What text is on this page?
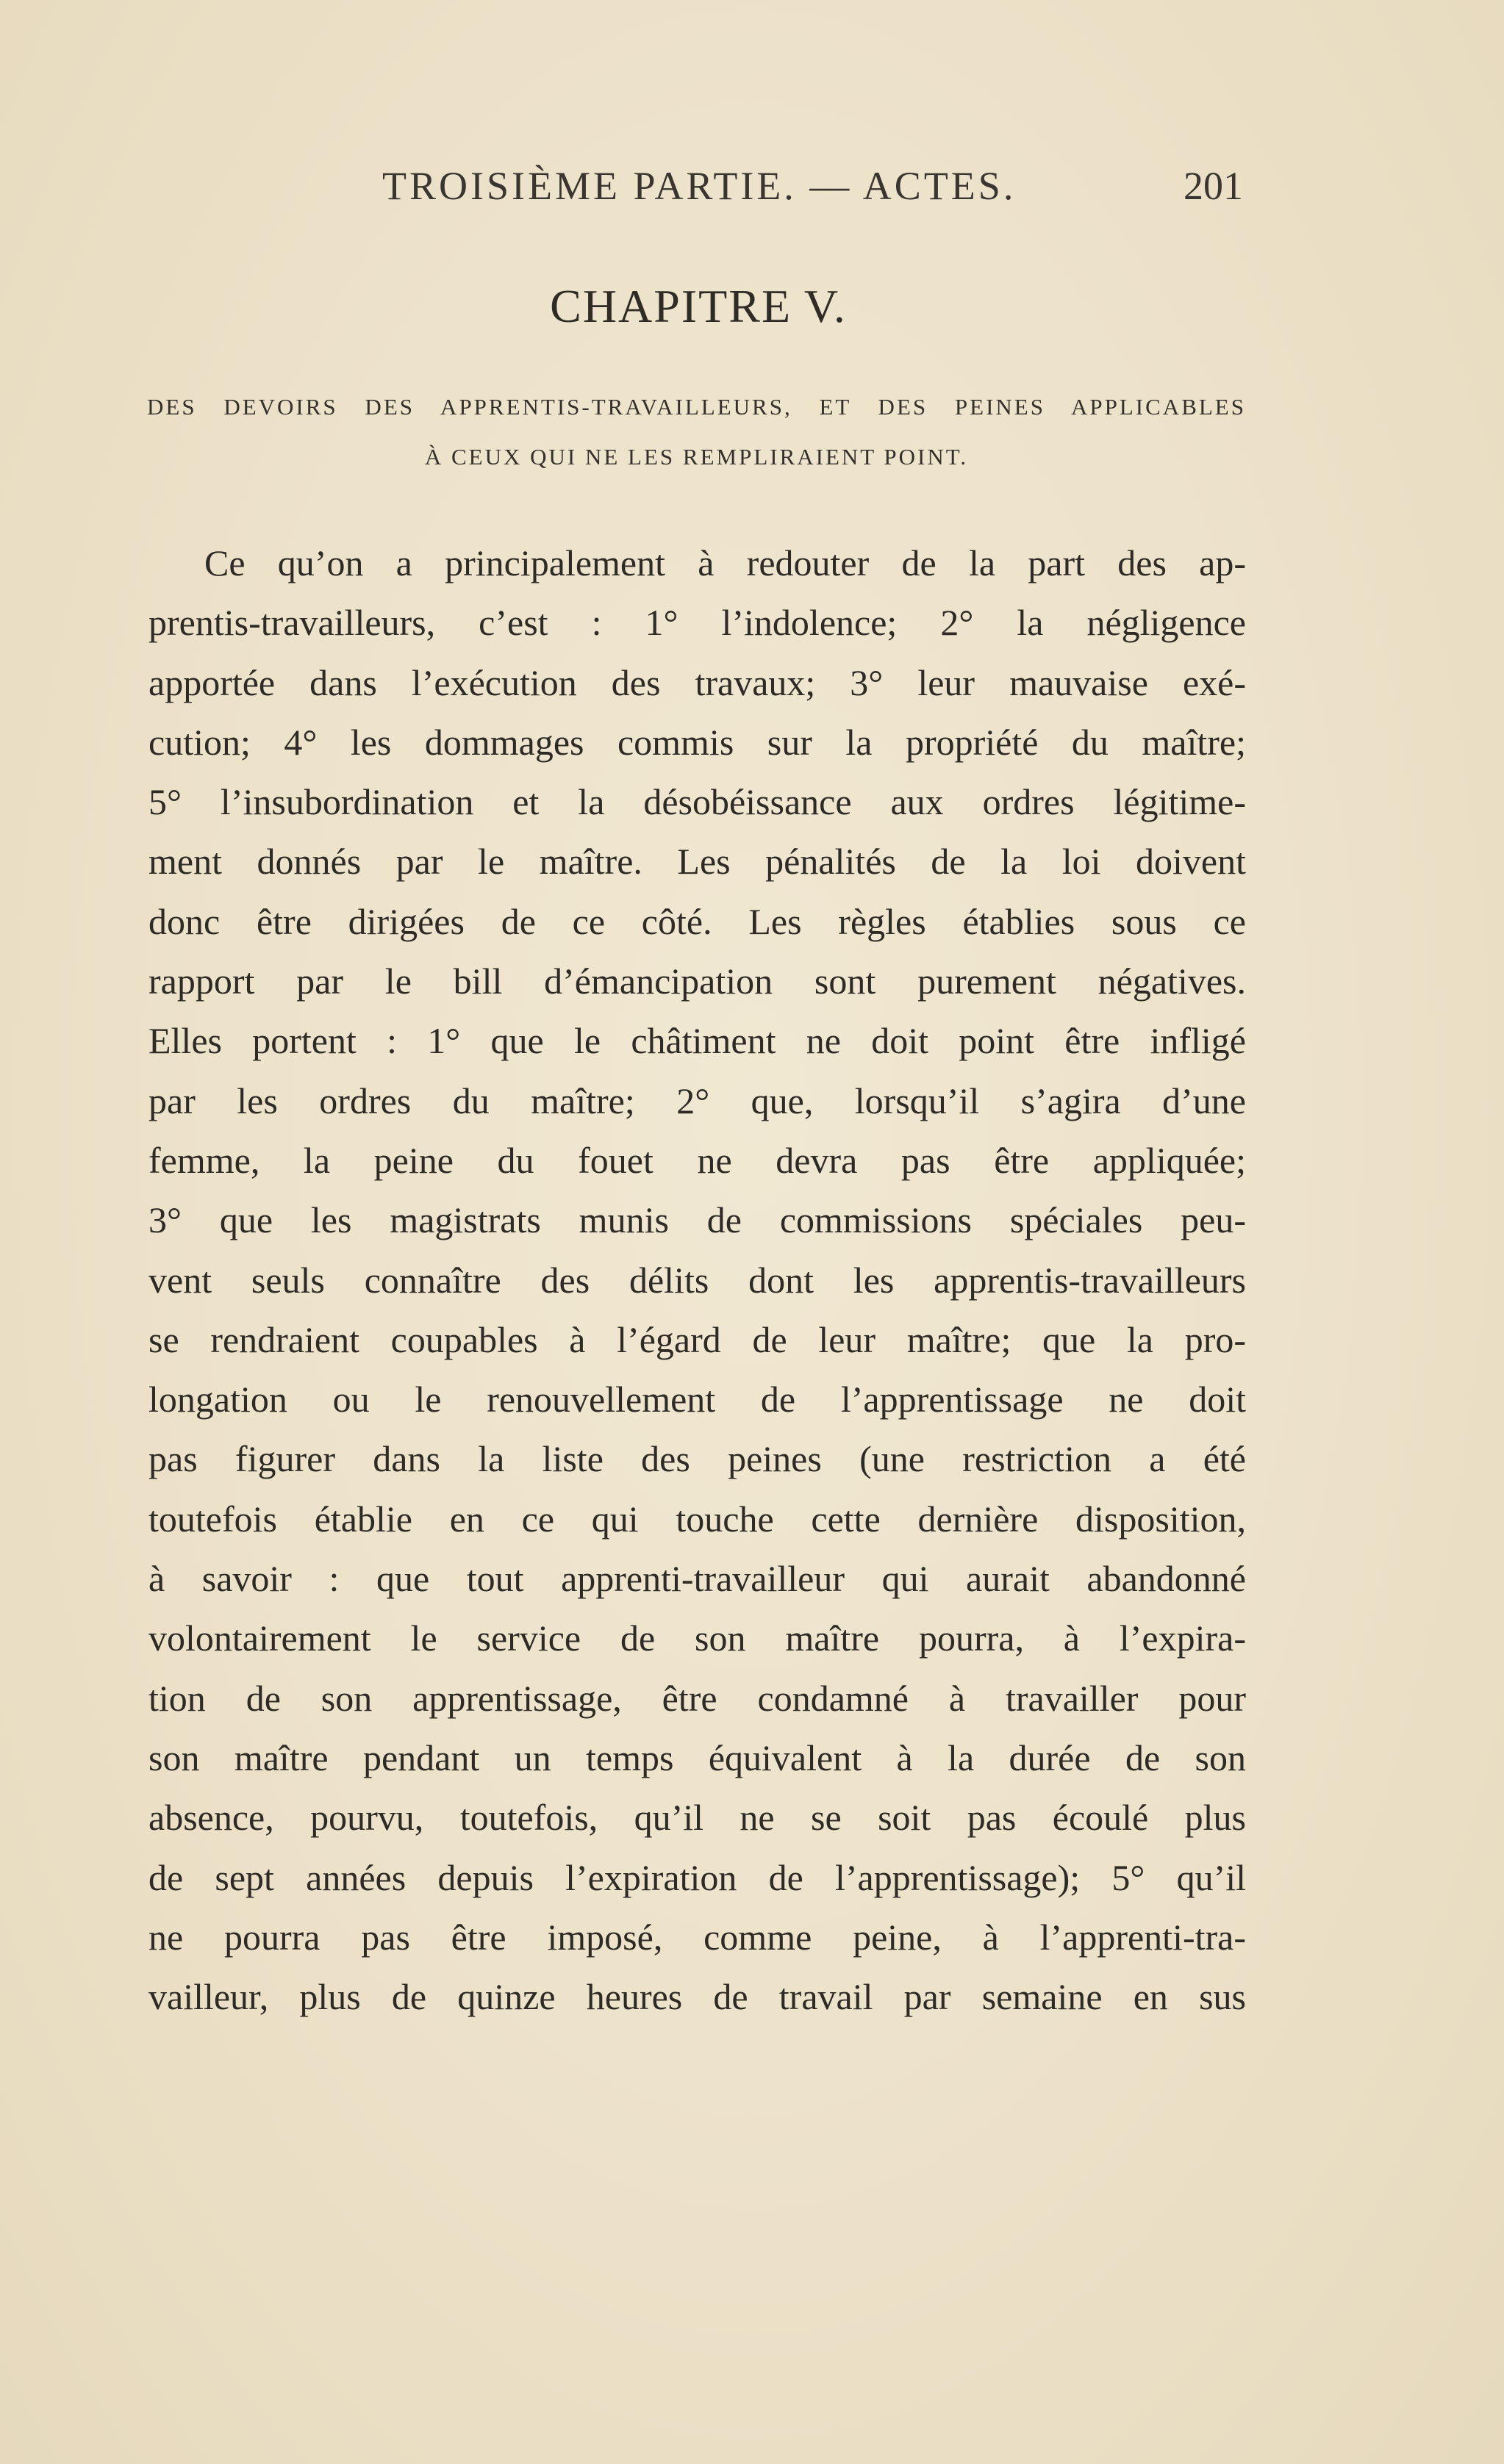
TROISIÈME PARTIE. — ACTES.	201
CHAPITRE V.
DES DEVOIRS DES APPRENTIS-TRAVAILLEURS, ET DES PEINES APPLICABLES
À CEUX QUI NE LES REMPLIRAIENT POINT.
Ce qu’on a principalement à redouter de la part des ap-
prentis-travailleurs, c’est : 1° l’indolence; 2° la négligence
apportée dans l’exécution des travaux; 3° leur mauvaise exé-
cution; 4° les dommages commis sur la propriété du maître;
5° l’insubordination et la désobéissance aux ordres légitime-
ment donnés par le maître. Les pénalités de la loi doivent
donc être dirigées de ce côté. Les règles établies sous ce
rapport par le bill d’émancipation sont purement négatives.
Elles portent : 1° que le châtiment ne doit point être infligé
par les ordres du maître; 2° que, lorsqu’il s’agira d’une
femme, la peine du fouet ne devra pas être appliquée;
3° que les magistrats munis de commissions spéciales peu-
vent seuls connaître des délits dont les apprentis-travailleurs
se rendraient coupables à l’égard de leur maître; que la pro-
longation ou le renouvellement de l’apprentissage ne doit
pas figurer dans la liste des peines (une restriction a été
toutefois établie en ce qui touche cette dernière disposition,
à savoir : que tout apprenti-travailleur qui aurait abandonné
volontairement le service de son maître pourra, à l’expira-
tion de son apprentissage, être condamné à travailler pour
son maître pendant un temps équivalent à la durée de son
absence, pourvu, toutefois, qu’il ne se soit pas écoulé plus
de sept années depuis l’expiration de l’apprentissage); 5° qu’il
ne pourra pas être imposé, comme peine, à l’apprenti-tra-
vailleur, plus de quinze heures de travail par semaine en sus
